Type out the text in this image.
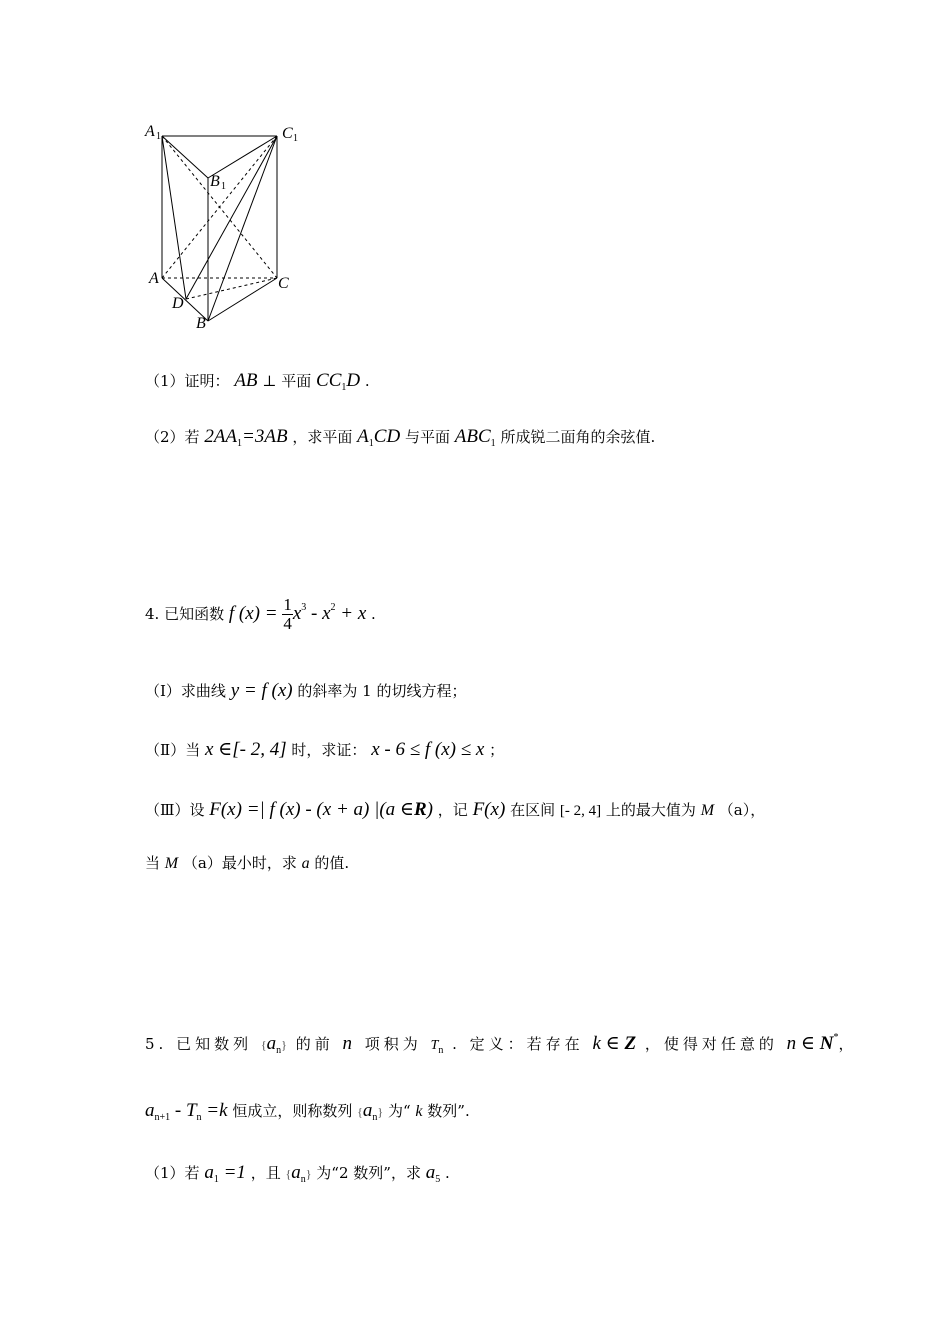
A 1	C 1
B 1
A	C
D
B
（1）证明： AB ⊥ 平面 $CC_1D$ .
（2）若 $2AA_1=3AB$ ，求平面 $A_1CD$ 与平面 $ABC_1$ 所成锐二面角的余弦值.
4. 已知函数 f $(x) = \frac{1}{4} x^3 - x^2 + x$ .
（Ⅰ）求曲线 y = f (x) 的斜率为 1 的切线方程；
（Ⅱ）当 x ∈[- 2, 4] 时，求证： x - 6 ≤ f (x) ≤ x ；
（Ⅲ）设 F(x) =| f (x) - (x + a) |(a ∈R) ，记 F(x) 在区间 [- 2, 4] 上的最大值为 M （a），
当 M （a）最小时，求 a 的值.
5. 已知数列 $\{a_n\}$ 的前 n 项积为 $T_n$ . 定义：若存在 k ∈ Z ，使得对任意的 n ∈ N*，
$a_{n+1} - T_n =k$ 恒成立，则称数列 $\{a_n\}$ 为“ k 数列”.
（1）若 $a_1 =1$ ，且 $\{a_n\}$ 为“2 数列”，求 $a_5$ .
